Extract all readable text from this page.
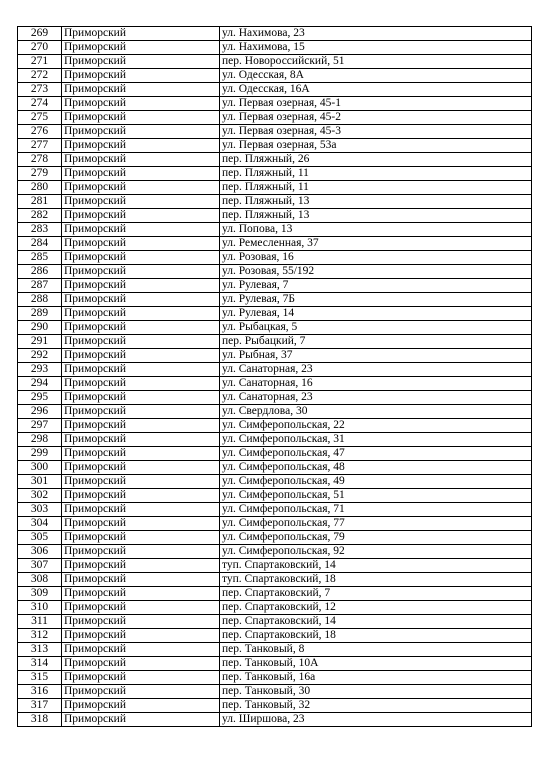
269	Приморский	ул. Нахимова, 23
270	Приморский	ул. Нахимова, 15
271	Приморский	пер. Новороссийский, 51
272	Приморский	ул. Одесская, 8А
273	Приморский	ул. Одесская, 16А
274	Приморский	ул. Первая озерная, 45-1
275	Приморский	ул. Первая озерная, 45-2
276	Приморский	ул. Первая озерная, 45-3
277	Приморский	ул. Первая озерная, 53а
278	Приморский	пер. Пляжный, 26
279	Приморский	пер. Пляжный, 11
280	Приморский	пер. Пляжный, 11
281	Приморский	пер. Пляжный, 13
282	Приморский	пер. Пляжный, 13
283	Приморский	ул. Попова, 13
284	Приморский	ул. Ремесленная, 37
285	Приморский	ул. Розовая, 16
286	Приморский	ул. Розовая, 55/192
287	Приморский	ул. Рулевая, 7
288	Приморский	ул. Рулевая, 7Б
289	Приморский	ул. Рулевая, 14
290	Приморский	ул. Рыбацкая, 5
291	Приморский	пер. Рыбацкий, 7
292	Приморский	ул. Рыбная, 37
293	Приморский	ул. Санаторная, 23
294	Приморский	ул. Санаторная, 16
295	Приморский	ул. Санаторная, 23
296	Приморский	ул. Свердлова, 30
297	Приморский	ул. Симферопольская, 22
298	Приморский	ул. Симферопольская, 31
299	Приморский	ул. Симферопольская, 47
300	Приморский	ул. Симферопольская, 48
301	Приморский	ул. Симферопольская, 49
302	Приморский	ул. Симферопольская, 51
303	Приморский	ул. Симферопольская, 71
304	Приморский	ул. Симферопольская, 77
305	Приморский	ул. Симферопольская, 79
306	Приморский	ул. Симферопольская, 92
307	Приморский	туп. Спартаковский, 14
308	Приморский	туп. Спартаковский, 18
309	Приморский	пер. Спартаковский, 7
310	Приморский	пер. Спартаковский, 12
311	Приморский	пер. Спартаковский, 14
312	Приморский	пер. Спартаковский, 18
313	Приморский	пер. Танковый, 8
314	Приморский	пер. Танковый, 10А
315	Приморский	пер. Танковый, 16а
316	Приморский	пер. Танковый, 30
317	Приморский	пер. Танковый, 32
318	Приморский	ул. Ширшова, 23
